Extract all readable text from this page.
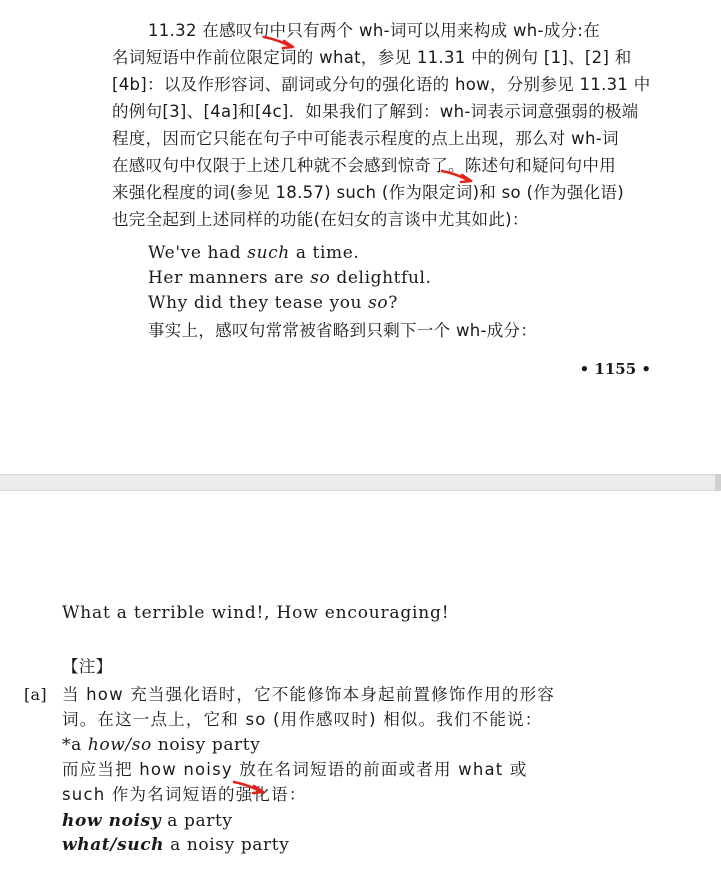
11.32 在感叹句中只有两个 wh-词可以用来构成 wh-成分:在
名词短语中作前位限定词的 what，参见 11.31 中的例句 [1]、[2] 和
[4b]：以及作形容词、副词或分句的强化语的 how，分别参见 11.31 中
的例句[3]、[4a]和[4c]．如果我们了解到：wh-词表示词意强弱的极端
程度，因而它只能在句子中可能表示程度的点上出现，那么对 wh-词
在感叹句中仅限于上述几种就不会感到惊奇了。陈述句和疑问句中用
来强化程度的词(参见 18.57) such (作为限定词)和 so (作为强化语)
也完全起到上述同样的功能(在妇女的言谈中尤其如此)：
We've had such a time.
Her manners are so delightful.
Why did they tease you so?
事实上，感叹句常常被省略到只剩下一个 wh-成分：
• 1155 •
What a terrible wind!, How encouraging!
【注】
[a] 当 how 充当强化语时，它不能修饰本身起前置修饰作用的形容
词。在这一点上，它和 so (用作感叹时) 相似。我们不能说：
*a how/so noisy party
而应当把 how noisy 放在名词短语的前面或者用 what 或
such 作为名词短语的强化语：
how noisy a party
what/such a noisy party
